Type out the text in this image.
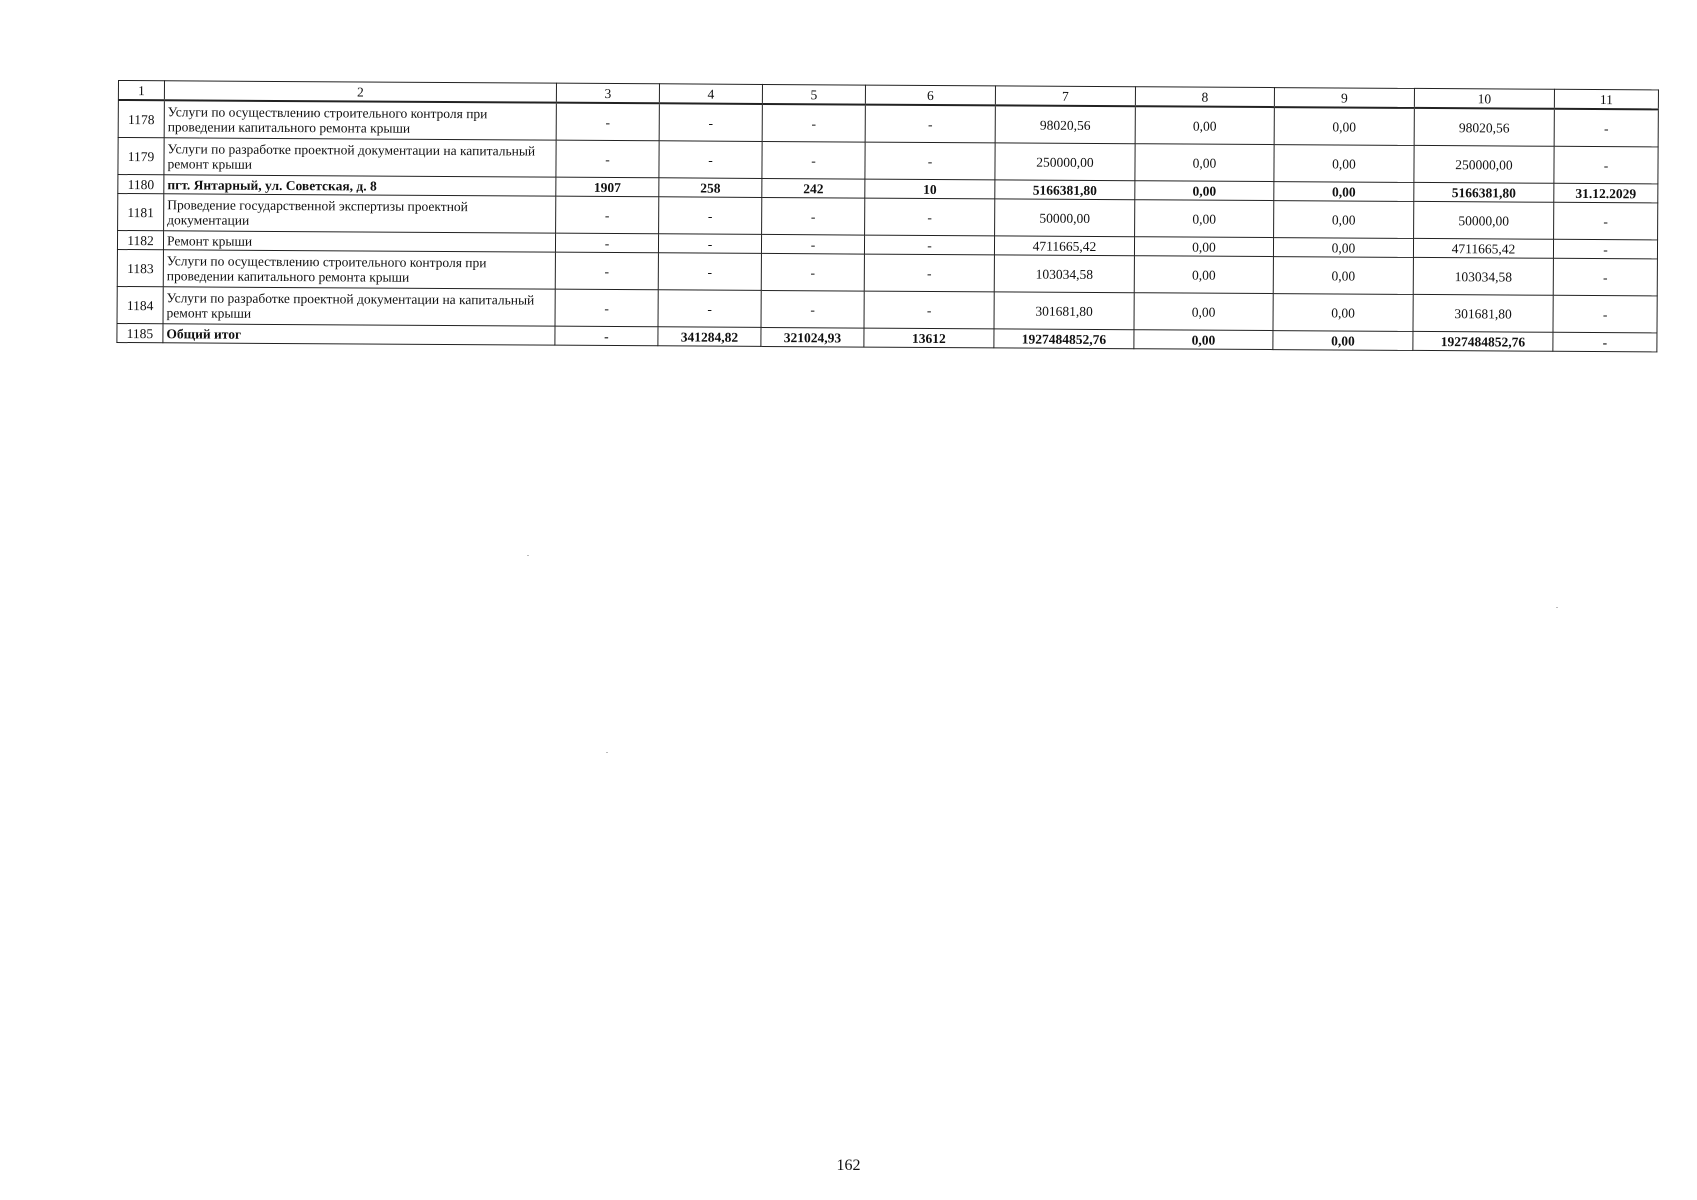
1	2	3	4	5	6	7	8	9	10	11
1178	Услуги по осуществлению строительного контроля при проведении капитального ремонта крыши	-	-	-	-	98020,56	0,00	0,00	98020,56	-
1179	Услуги по разработке проектной документации на капитальный ремонт крыши	-	-	-	-	250000,00	0,00	0,00	250000,00	-
1180	пгт. Янтарный, ул. Советская, д. 8	1907	258	242	10	5166381,80	0,00	0,00	5166381,80	31.12.2029
1181	Проведение государственной экспертизы проектной документации	-	-	-	-	50000,00	0,00	0,00	50000,00	-
1182	Ремонт крыши	-	-	-	-	4711665,42	0,00	0,00	4711665,42	-
1183	Услуги по осуществлению строительного контроля при проведении капитального ремонта крыши	-	-	-	-	103034,58	0,00	0,00	103034,58	-
1184	Услуги по разработке проектной документации на капитальный ремонт крыши	-	-	-	-	301681,80	0,00	0,00	301681,80	-
1185	Общий итог	-	341284,82	321024,93	13612	1927484852,76	0,00	0,00	1927484852,76	-
162
